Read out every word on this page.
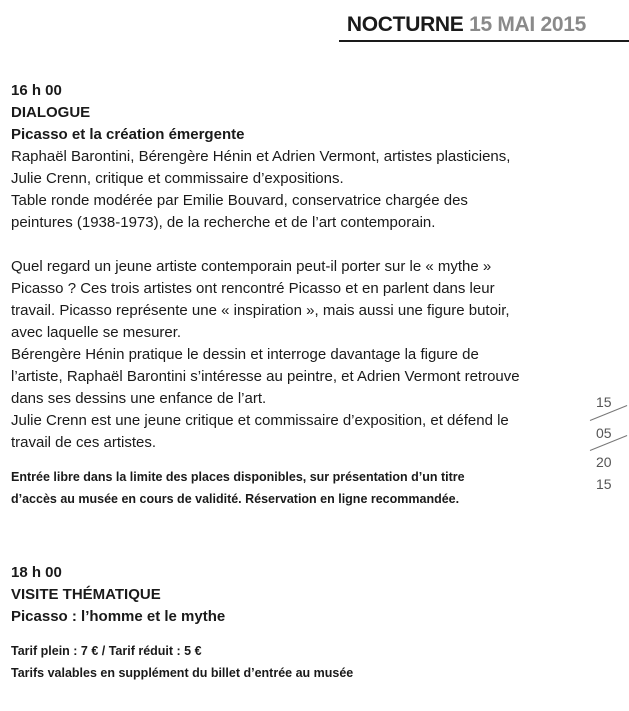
NOCTURNE 15 MAI 2015
16 h 00
DIALOGUE
Picasso et la création émergente

Raphaël Barontini, Bérengère Hénin et Adrien Vermont, artistes plasticiens,

Julie Crenn, critique et commissaire d’expositions.

Table ronde modérée par Emilie Bouvard, conservatrice chargée des

peintures (1938-1973), de la recherche et de l’art contemporain.

Quel regard un jeune artiste contemporain peut-il porter sur le « mythe »

Picasso ? Ces trois artistes ont rencontré Picasso et en parlent dans leur

travail. Picasso représente une « inspiration », mais aussi une figure butoir,

avec laquelle se mesurer.

Bérengère Hénin pratique le dessin et interroge davantage la figure de

l’artiste, Raphaël Barontini s’intéresse au peintre, et Adrien Vermont retrouve

dans ses dessins une enfance de l’art.

Julie Crenn est une jeune critique et commissaire d’exposition, et défend le

travail de ces artistes.

Entrée libre dans la limite des places disponibles, sur présentation d’un titre
d’accès au musée en cours de validité. Réservation en ligne recommandée.
18 h 00
VISITE THÉMATIQUE
Picasso : l’homme et le mythe
Tarif plein : 7 € / Tarif réduit : 5 €
Tarifs valables en supplément du billet d’entrée au musée
15
05
20
15
